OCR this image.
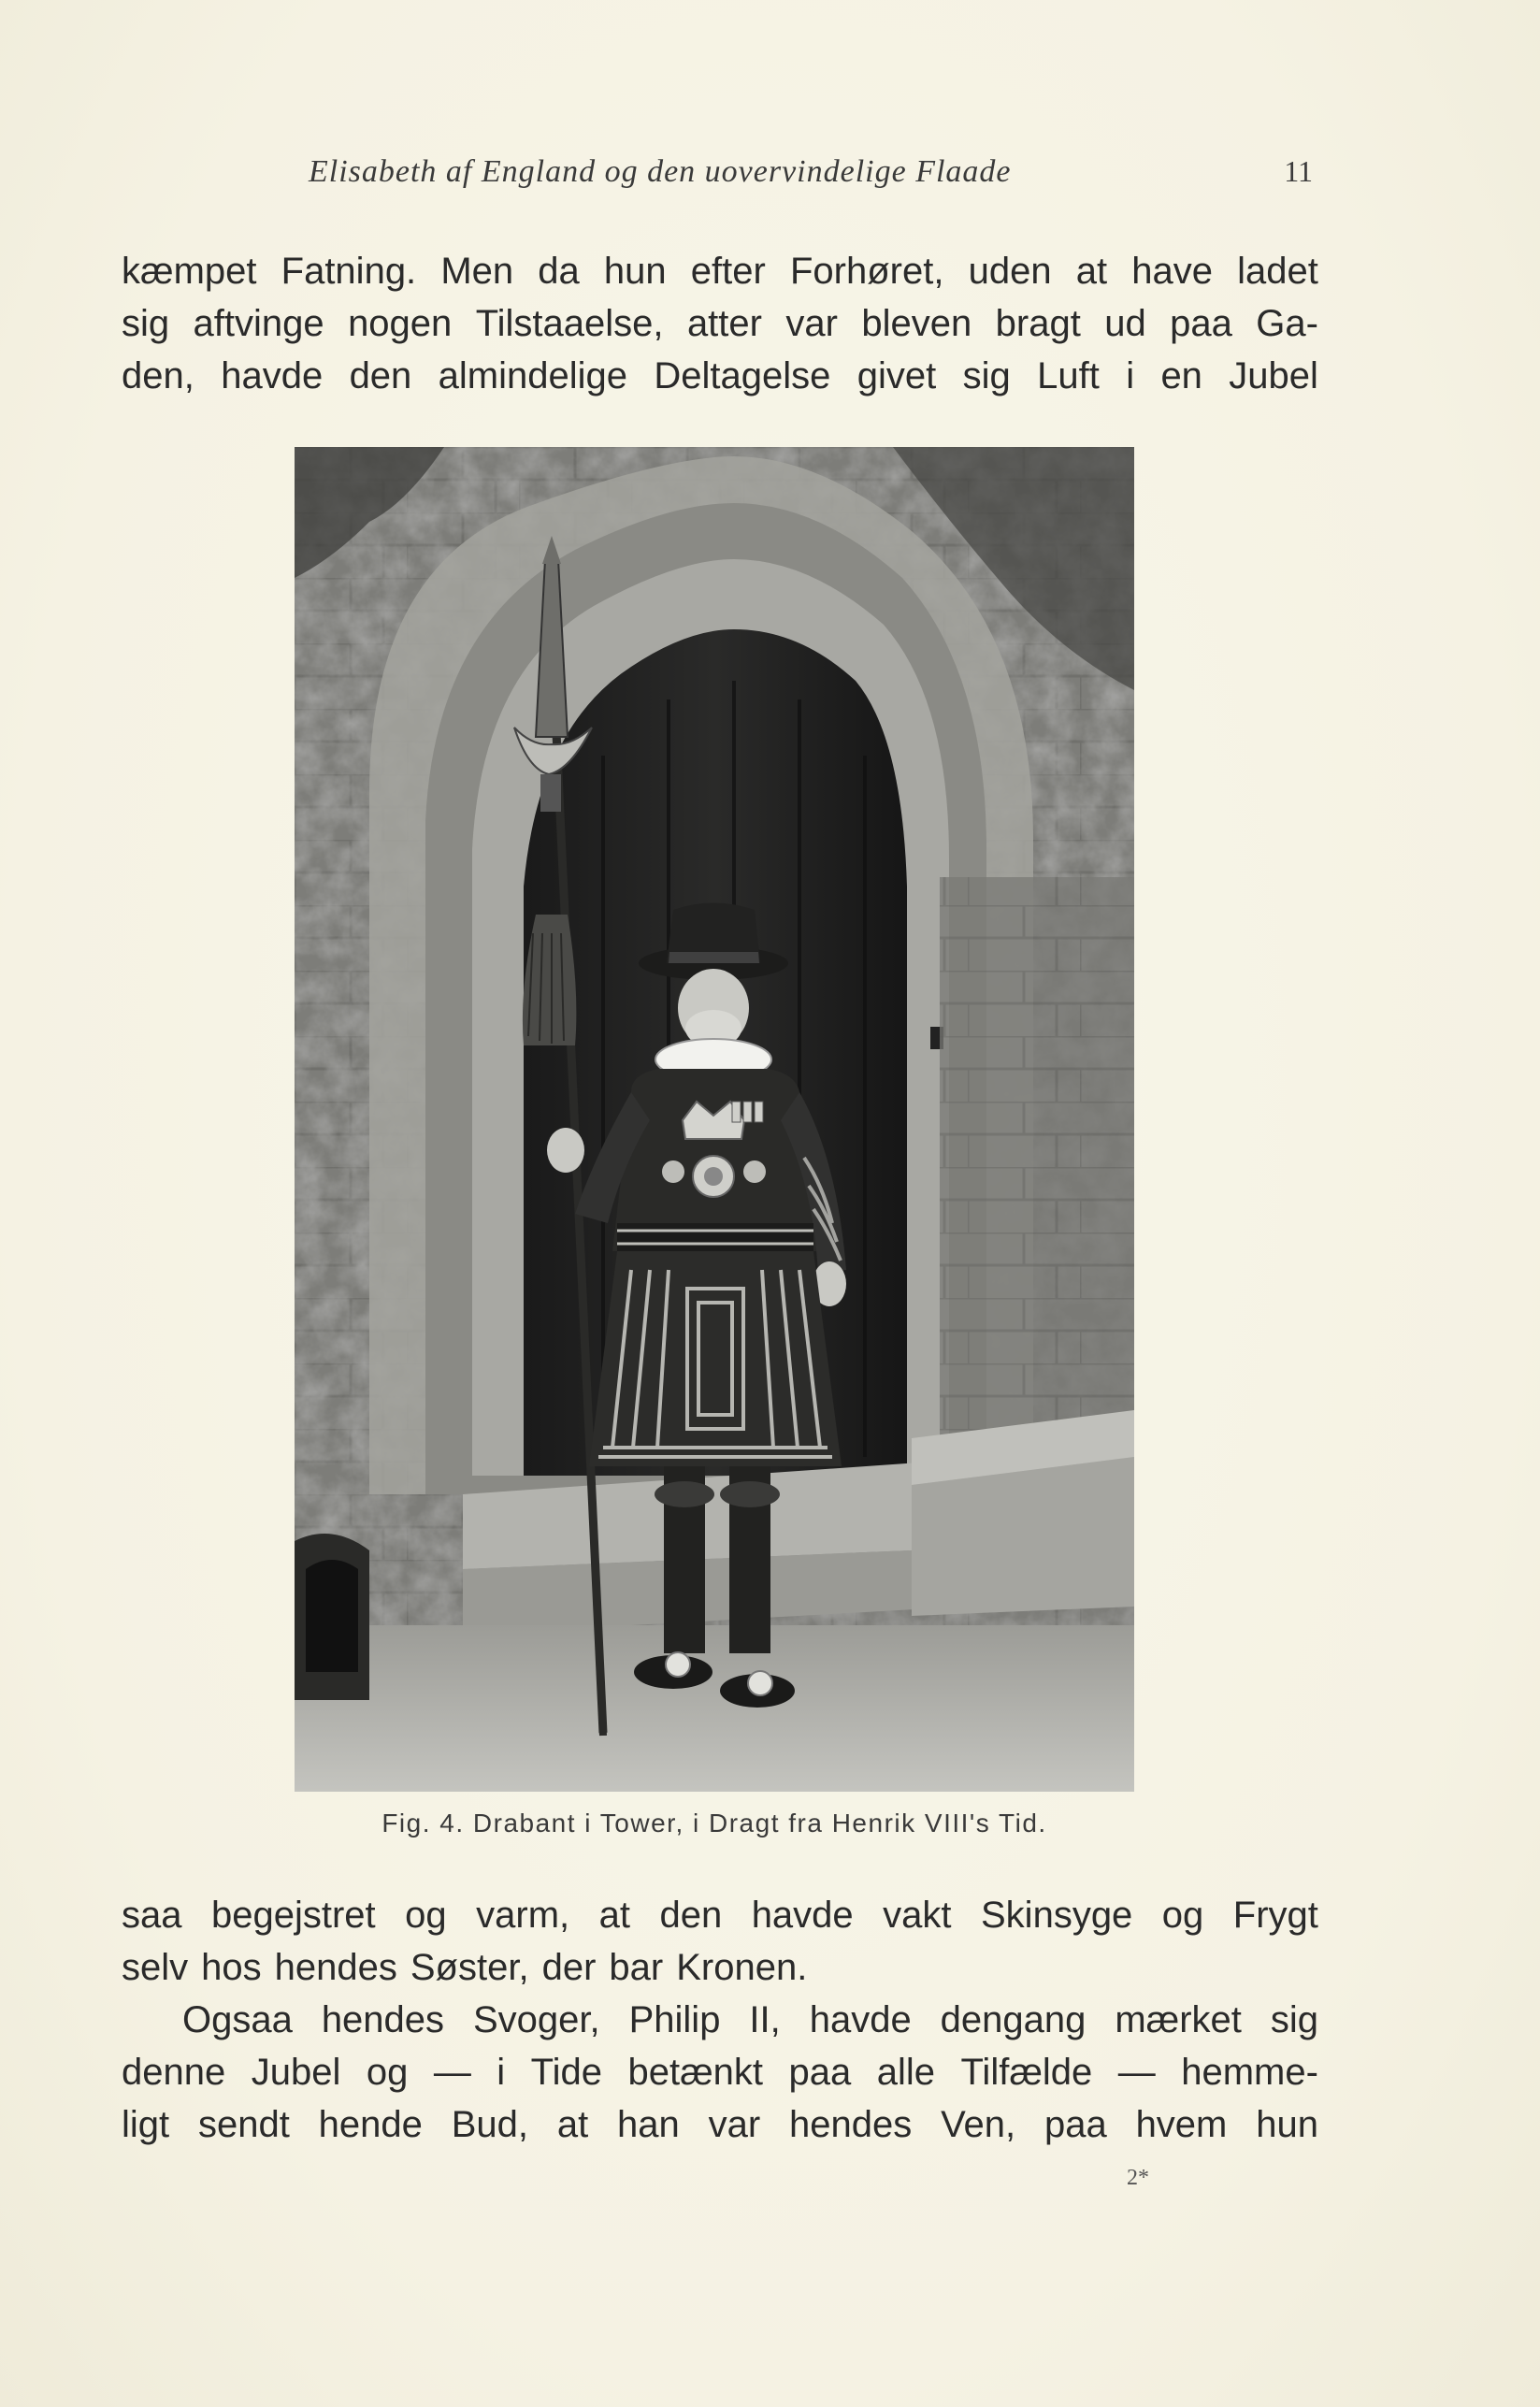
Elisabeth af England og den uovervindelige Flaade	11
kæmpet Fatning. Men da hun efter Forhøret, uden at have ladet
sig aftvinge nogen Tilstaaelse, atter var bleven bragt ud paa Ga-
den, havde den almindelige Deltagelse givet sig Luft i en Jubel
Fig. 4. Drabant i Tower, i Dragt fra Henrik VIII's Tid.
saa begejstret og varm, at den havde vakt Skinsyge og Frygt
selv hos hendes Søster, der bar Kronen.
Ogsaa hendes Svoger, Philip II, havde dengang mærket sig
denne Jubel og — i Tide betænkt paa alle Tilfælde — hemme-
ligt sendt hende Bud, at han var hendes Ven, paa hvem hun
2*
